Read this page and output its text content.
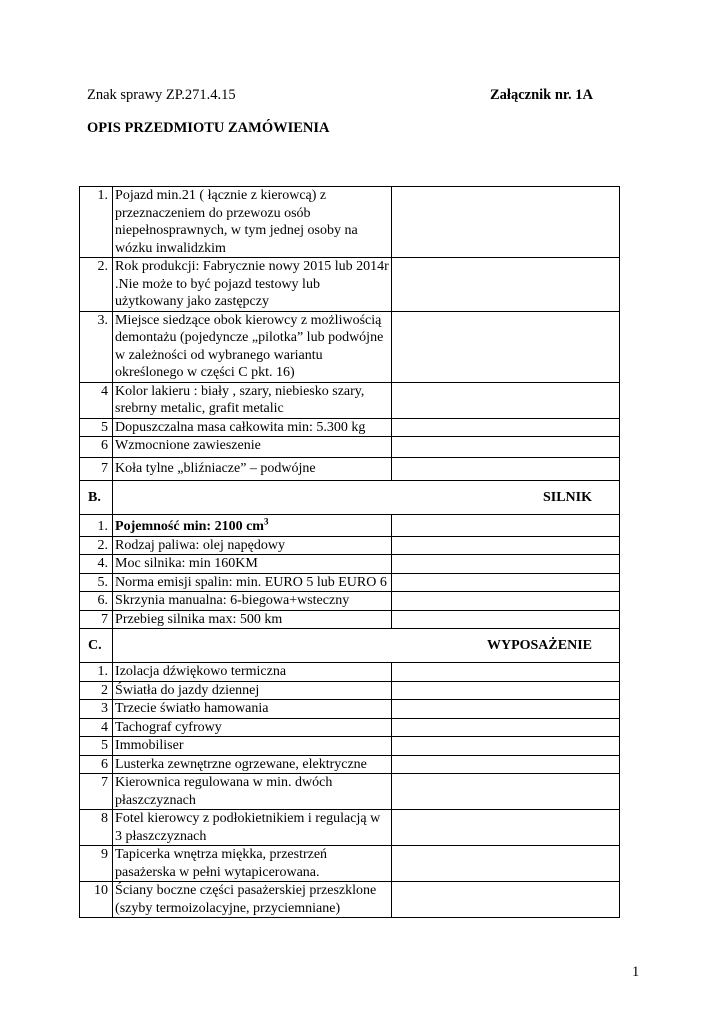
Znak sprawy ZP.271.4.15	Załącznik nr. 1A
OPIS PRZEDMIOTU ZAMÓWIENIA
1.	Pojazd min.21 ( łącznie z kierowcą) z przeznaczeniem do przewozu osób niepełnosprawnych, w tym jednej osoby na wózku inwalidzkim	
2.	Rok produkcji: Fabrycznie nowy 2015 lub 2014r .Nie może to być pojazd testowy lub użytkowany jako zastępczy	
3.	Miejsce siedzące obok kierowcy z możliwością demontażu (pojedyncze „pilotka” lub podwójne w zależności od wybranego wariantu określonego w części C pkt. 16)	
4	Kolor lakieru : biały , szary, niebiesko szary, srebrny metalic, grafit metalic	
5	Dopuszczalna masa całkowita min: 5.300 kg	
6	Wzmocnione zawieszenie	
7	Koła tylne „bliźniacze” – podwójne	
B.	SILNIK	
1.	Pojemność min: 2100 $cm^3$	
2.	Rodzaj paliwa: olej napędowy	
4.	Moc silnika: min 160KM	
5.	Norma emisji spalin: min. EURO 5 lub EURO 6	
6.	Skrzynia manualna: 6-biegowa+wsteczny	
7	Przebieg silnika max: 500 km	
C.	WYPOSAŻENIE	
1.	Izolacja dźwiękowo termiczna	
2	Światła do jazdy dziennej	
3	Trzecie światło hamowania	
4	Tachograf cyfrowy	
5	Immobiliser	
6	Lusterka zewnętrzne ogrzewane, elektryczne	
7	Kierownica regulowana w min. dwóch płaszczyznach	
8	Fotel kierowcy z podłokietnikiem i regulacją w 3 płaszczyznach	
9	Tapicerka wnętrza miękka, przestrzeń pasażerska w pełni wytapicerowana.	
10	Ściany boczne części pasażerskiej przeszklone (szyby termoizolacyjne, przyciemniane)	
1
